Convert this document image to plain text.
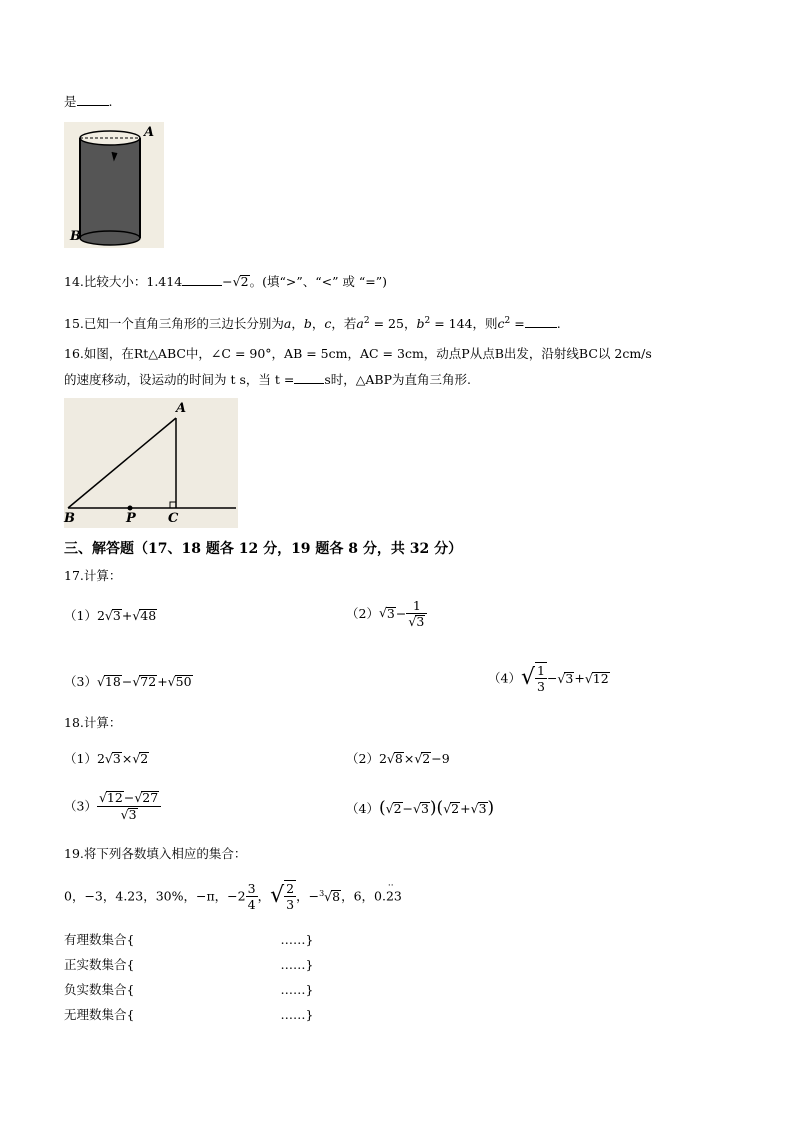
是	.
A
B
14.比较大小：1.414	−√2。(填“>”、“<” 或 “=”)
15.已知一个直角三角形的三边长分别为a，b，c，若$a^2 = 25$，$b^2 = 144$，则$c^2$ =	.
16.如图，在Rt△ABC中，∠C = 90°，AB = 5cm，AC = 3cm，动点P从点B出发，沿射线BC以 2cm/s
的速度移动，设运动的时间为 t s，当 t = s时，△ABP为直角三角形.
A
B	P C
三、解答题（17、18 题各 12 分，19 题各 8 分，共 32 分）
17.计算：
（1）2√3+√48	$(2)√3- \frac{1}{√3}$
（3）√18−√72+√50	$(4)√ \frac{1}{3} -√3+√12$
18.计算：
（1）2√3×√2	（2）2√8×√2−9
$(3) \frac{√12-√27}{√3}$	（4）(√2−√3)(√2+√3)
19.将下列各数填入相应的集合：
0，−3，4.23，30%，−π，$-2 \frac{3}{4}$ ，√ $\frac{2}{3}$ ，−$^3$√8，6，0.23
··
有理数集合{	……}
正实数集合{	……}
负实数集合{	……}
无理数集合{	……}
